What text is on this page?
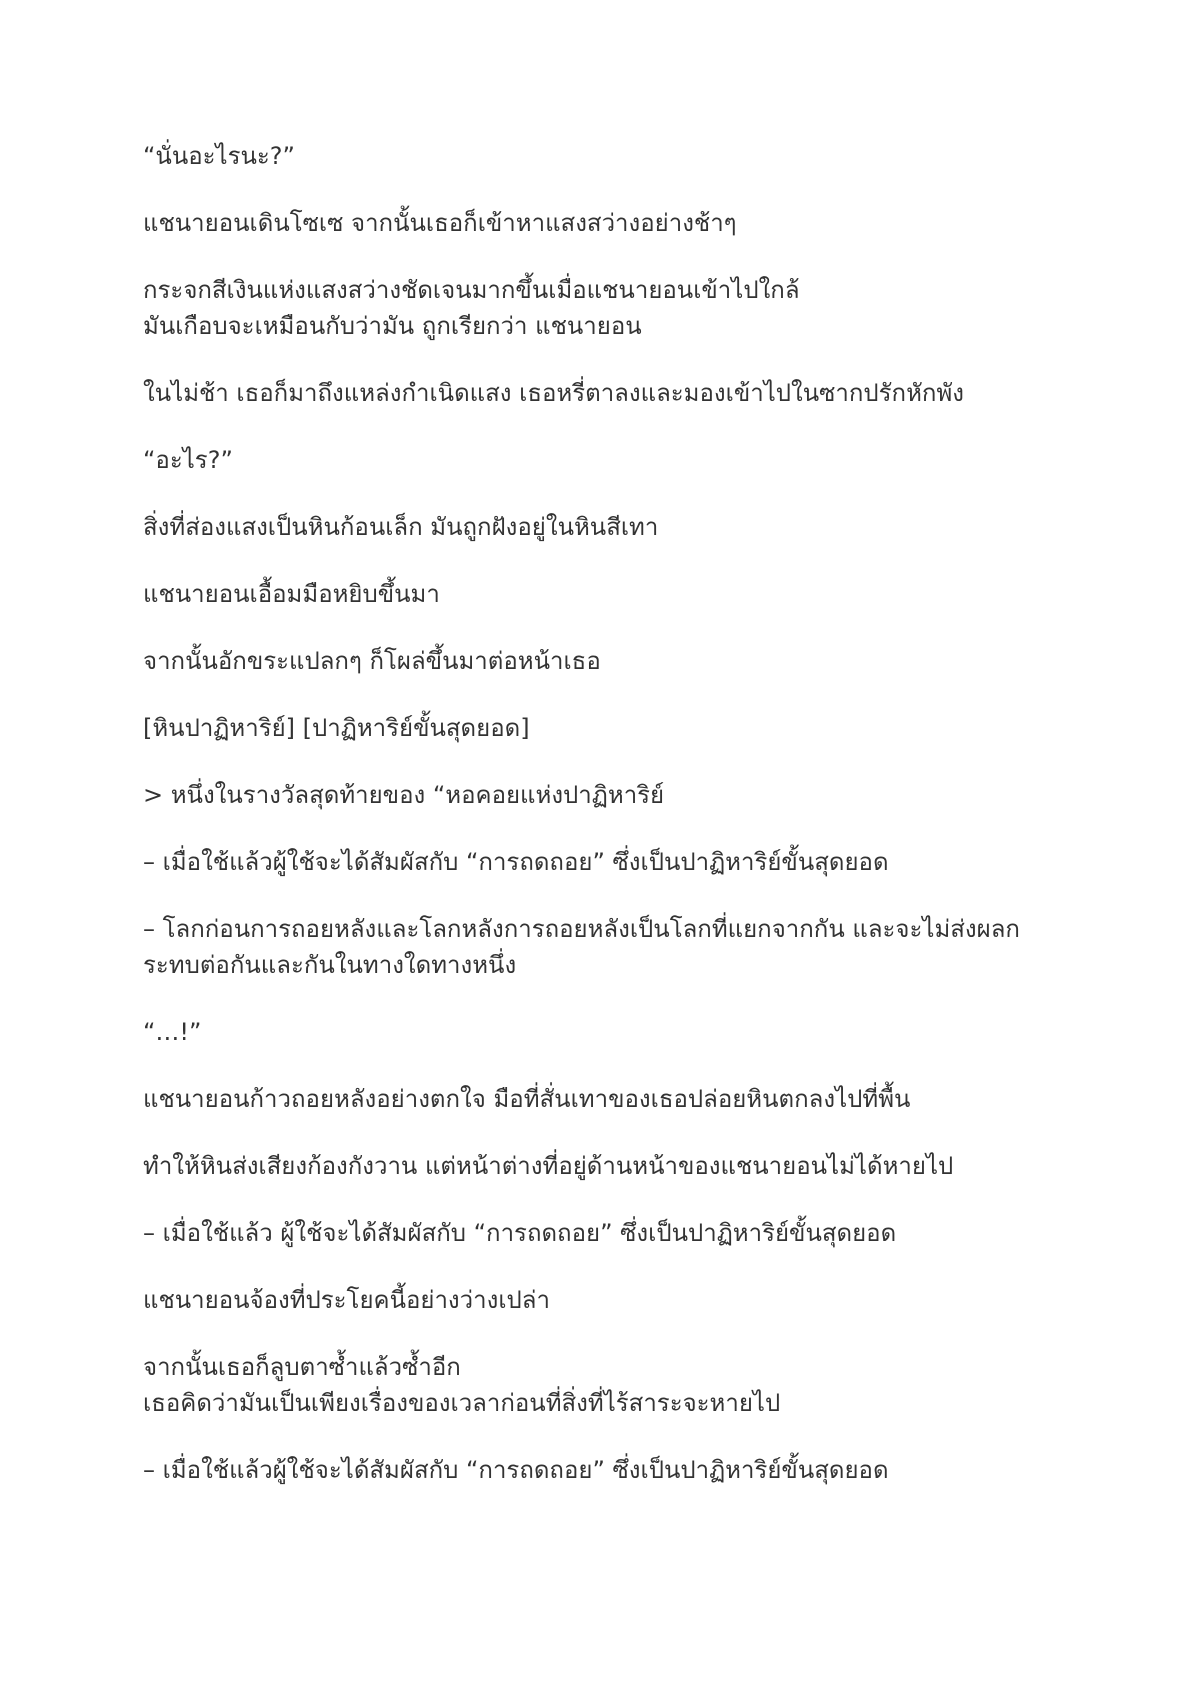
“นั่นอะไรนะ?”

แชนายอนเดินโซเซ จากนั้นเธอก็เข้าหาแสงสว่างอย่างช้าๆ

กระจกสีเงินแห่งแสงสว่างชัดเจนมากขึ้นเมื่อแชนายอนเข้าไปใกล้
มันเกือบจะเหมือนกับว่ามัน ถูกเรียกว่า แชนายอน

ในไม่ช้า เธอก็มาถึงแหล่งกำเนิดแสง เธอหรี่ตาลงและมองเข้าไปในซากปรักหักพัง

“อะไร?”

สิ่งที่ส่องแสงเป็นหินก้อนเล็ก มันถูกฝังอยู่ในหินสีเทา

แชนายอนเอื้อมมือหยิบขึ้นมา

จากนั้นอักขระแปลกๆ ก็โผล่ขึ้นมาต่อหน้าเธอ

[หินปาฏิหาริย์] [ปาฏิหาริย์ขั้นสุดยอด]

> หนึ่งในรางวัลสุดท้ายของ “หอคอยแห่งปาฏิหาริย์

– เมื่อใช้แล้วผู้ใช้จะได้สัมผัสกับ “การถดถอย” ซึ่งเป็นปาฏิหาริย์ขั้นสุดยอด

– โลกก่อนการถอยหลังและโลกหลังการถอยหลังเป็นโลกที่แยกจากกัน และจะไม่ส่งผลก
ระทบต่อกันและกันในทางใดทางหนึ่ง

“…!”

แชนายอนก้าวถอยหลังอย่างตกใจ มือที่สั่นเทาของเธอปล่อยหินตกลงไปที่พื้น

ทำให้หินส่งเสียงก้องกังวาน แต่หน้าต่างที่อยู่ด้านหน้าของแชนายอนไม่ได้หายไป

– เมื่อใช้แล้ว ผู้ใช้จะได้สัมผัสกับ “การถดถอย” ซึ่งเป็นปาฏิหาริย์ขั้นสุดยอด

แชนายอนจ้องที่ประโยคนี้อย่างว่างเปล่า

จากนั้นเธอก็ลูบตาซ้ำแล้วซ้ำอีก
เธอคิดว่ามันเป็นเพียงเรื่องของเวลาก่อนที่สิ่งที่ไร้สาระจะหายไป

– เมื่อใช้แล้วผู้ใช้จะได้สัมผัสกับ “การถดถอย” ซึ่งเป็นปาฏิหาริย์ขั้นสุดยอด
